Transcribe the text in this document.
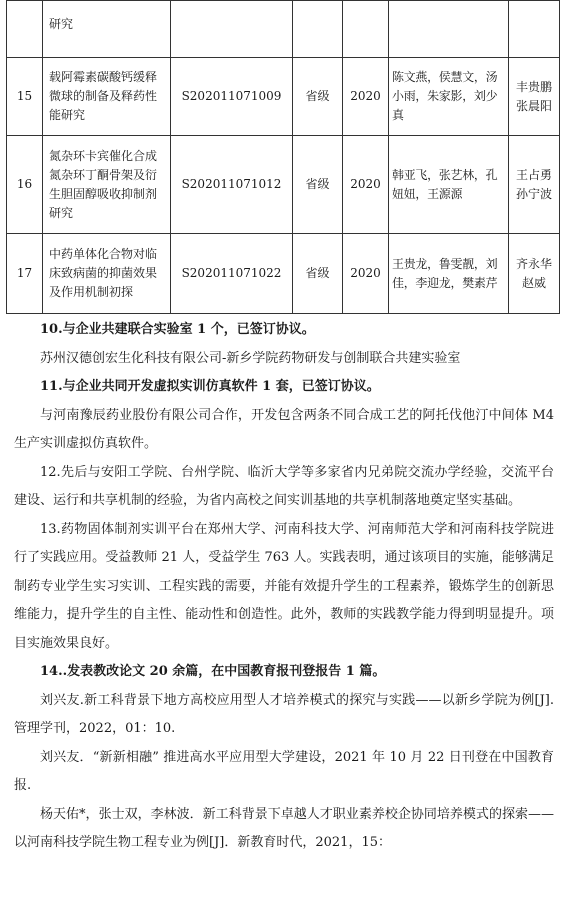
	研究					
15	载阿霉素碳酸钙缓释微球的制备及释药性能研究	S202011071009	省级	2020	陈文燕，侯慧文，汤小雨，朱家影，刘少真	丰贵鹏张晨阳
16	氮杂环卡宾催化合成氮杂环丁酮骨架及衍生胆固醇吸收抑制剂研究	S202011071012	省级	2020	韩亚飞，张艺林，孔妞妞，王源源	王占勇孙宁波
17	中药单体化合物对临床致病菌的抑菌效果及作用机制初探	S202011071022	省级	2020	王贵龙，鲁雯靓，刘佳，李迎龙，樊素芹	齐永华赵威

10.与企业共建联合实验室 1 个，已签订协议。

苏州汉德创宏生化科技有限公司-新乡学院药物研发与创制联合共建实验室

11.与企业共同开发虚拟实训仿真软件 1 套，已签订协议。

与河南豫辰药业股份有限公司合作，开发包含两条不同合成工艺的阿托伐他汀中间体 M4 生产实训虚拟仿真软件。

12.先后与安阳工学院、台州学院、临沂大学等多家省内兄弟院交流办学经验，交流平台建设、运行和共享机制的经验，为省内高校之间实训基地的共享机制落地奠定坚实基础。

13.药物固体制剂实训平台在郑州大学、河南科技大学、河南师范大学和河南科技学院进行了实践应用。受益教师 21 人，受益学生 763 人。实践表明，通过该项目的实施，能够满足制药专业学生实习实训、工程实践的需要，并能有效提升学生的工程素养，锻炼学生的创新思维能力，提升学生的自主性、能动性和创造性。此外，教师的实践教学能力得到明显提升。项目实施效果良好。

14..发表教改论文 20 余篇，在中国教育报刊登报告 1 篇。

刘兴友.新工科背景下地方高校应用型人才培养模式的探究与实践——以新乡学院为例[J]. 管理学刊，2022，01：10.

刘兴友．“新新相融” 推进高水平应用型大学建设，2021 年 10 月 22 日刊登在中国教育报.

杨天佑*，张士双，李林波．新工科背景下卓越人才职业素养校企协同培养模式的探索——以河南科技学院生物工程专业为例[J]．新教育时代，2021，15：
